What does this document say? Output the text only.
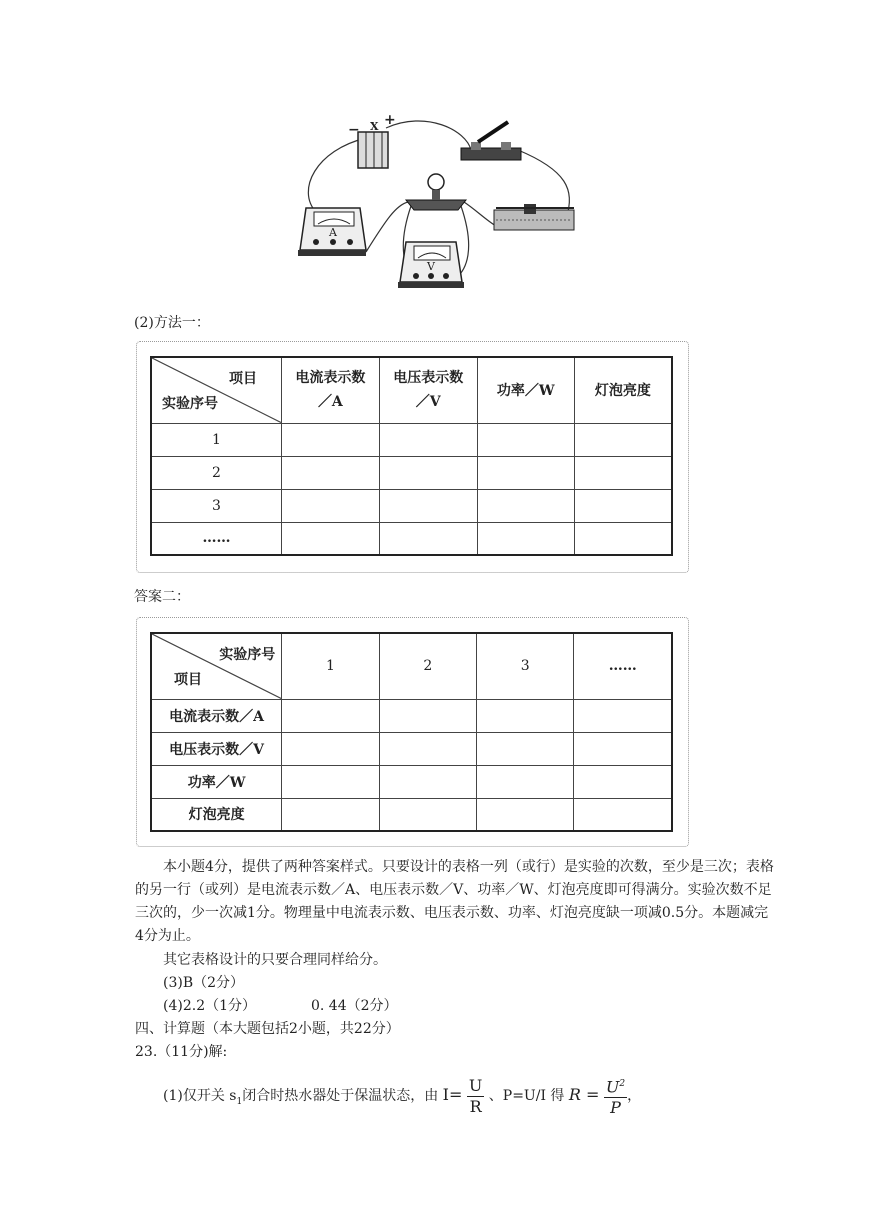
− X +
A
V
(2)方法一：
项目
实验序号	电流表示数／A	电压表示数／V	功率／W	灯泡亮度
1				
2				
3				
……				
答案二：
实验序号
项目	1	2	3	……
电流表示数／A				
电压表示数／V				
功率／W				
灯泡亮度				
本小题4分，提供了两种答案样式。只要设计的表格一列（或行）是实验的次数，至少是三次；表格的另一行（或列）是电流表示数／A、电压表示数／V、功率／W、灯泡亮度即可得满分。实验次数不足三次的，少一次减1分。物理量中电流表示数、电压表示数、功率、灯泡亮度缺一项减0.5分。本题减完4分为止。
其它表格设计的只要合理同样给分。
(3)B（2分）
(4)2.2（1分）	0. 44（2分）
四、计算题（本大题包括2小题，共22分）
23.（11分)解:
(1)仅开关 $s_1$闭合时热水器处于保温状态，由 $I= \frac{U}{R}$ 、P=U/I 得 $R = \frac{U^2}{P}$ ，
